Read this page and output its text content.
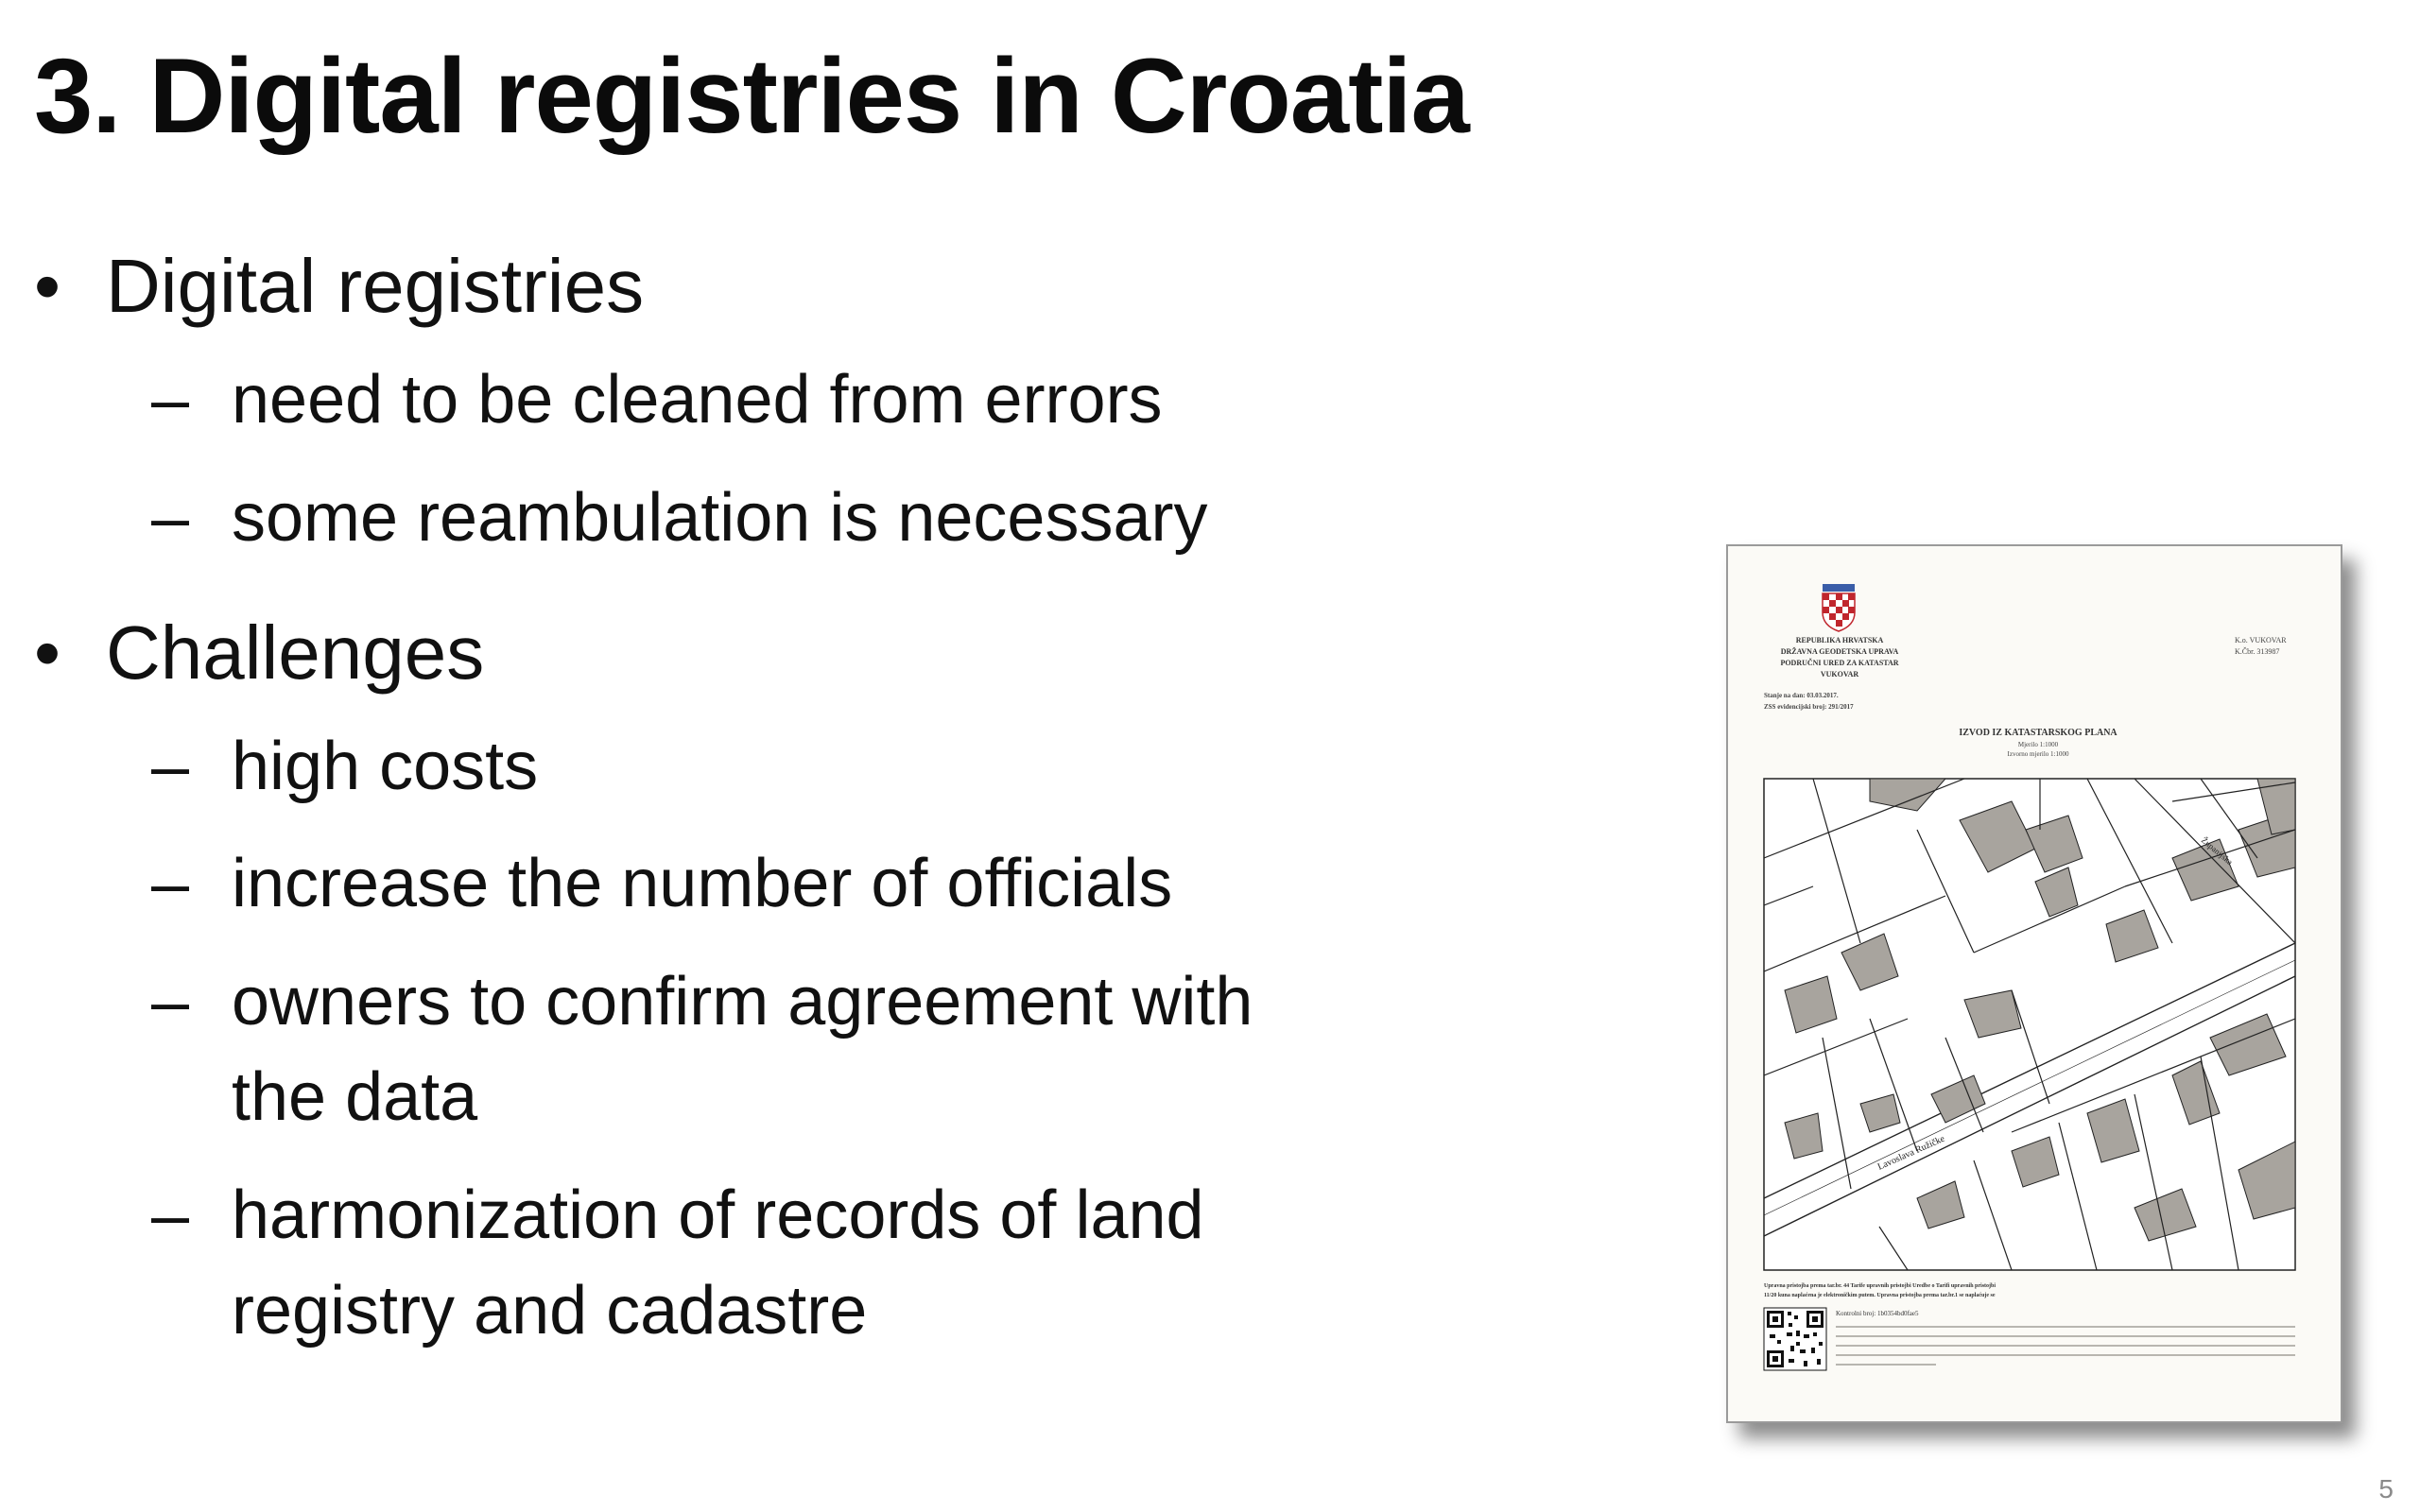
3. Digital registries in Croatia
• Digital registries
– need to be cleaned from errors
– some reambulation is necessary
• Challenges
– high costs
– increase the number of officials
– owners to confirm agreement with the data
– harmonization of records of land registry and cadastre
REPUBLIKA HRVATSKA
DRŽAVNA GEODETSKA UPRAVA
PODRUČNI URED ZA KATASTAR
VUKOVAR
K.o. VUKOVAR
K.Čbr. 313987
Stanje na dan: 03.03.2017.
ZSS evidencijski broj: 291/2017
IZVOD IZ KATASTARSKOG PLANA
Mjerilo 1:1000
Izvorno mjerilo 1:1000
Lavoslava Ružičke
Županijska
Upravna pristojba prema tar.br. 44 Tarife upravnih pristojbi Uredbe o Tarifi upravnih pristojbi
11/20 kuna naplaćena je elektroničkim putem. Upravna pristojba prema tar.br.1 se naplaćuje se
Kontrolni broj: 1b0354bd0fae5
5
